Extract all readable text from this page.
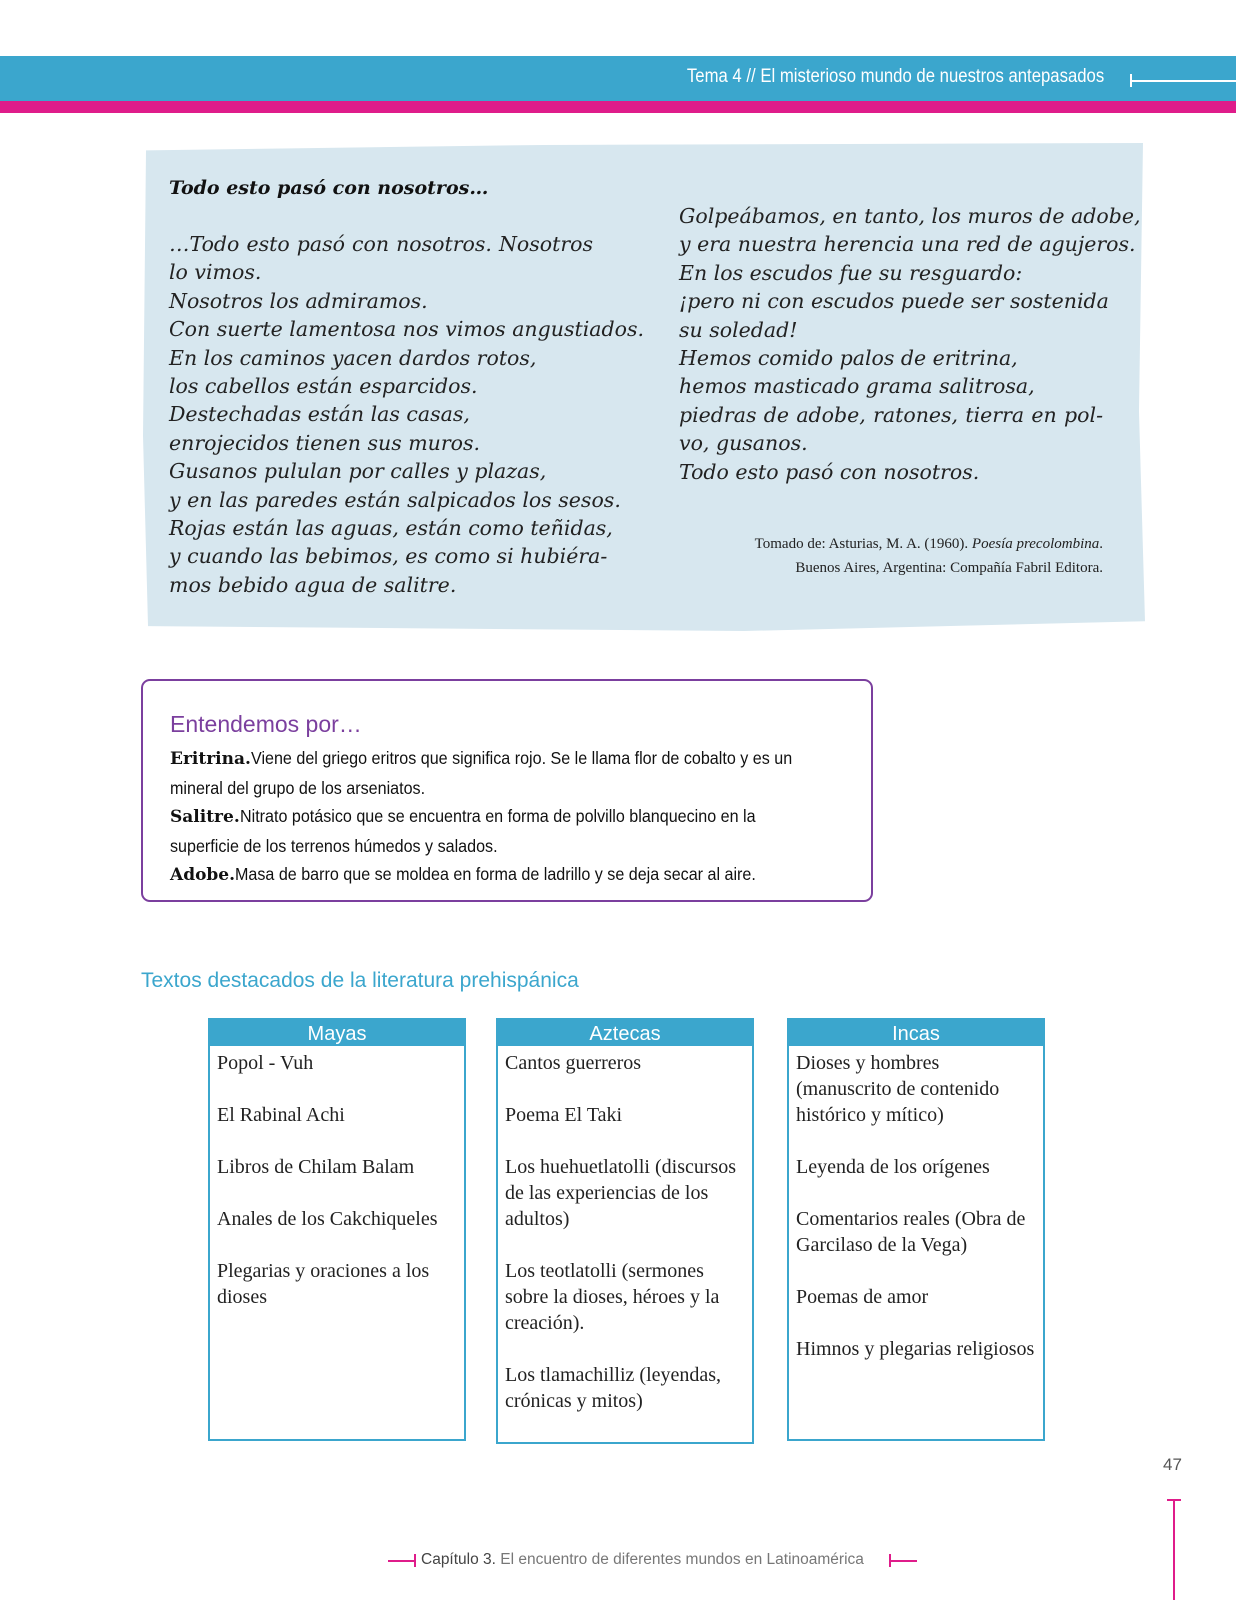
Tema 4 // El misterioso mundo de nuestros antepasados
Todo esto pasó con nosotros…
…Todo esto pasó con nosotros. Nosotros
lo vimos.
Nosotros los admiramos.
Con suerte lamentosa nos vimos angustiados.
En los caminos yacen dardos rotos,
los cabellos están esparcidos.
Destechadas están las casas,
enrojecidos tienen sus muros.
Gusanos pululan por calles y plazas,
y en las paredes están salpicados los sesos.
Rojas están las aguas, están como teñidas,
y cuando las bebimos, es como si hubiéra-
mos bebido agua de salitre.
Golpeábamos, en tanto, los muros de adobe,
y era nuestra herencia una red de agujeros.
En los escudos fue su resguardo:
¡pero ni con escudos puede ser sostenida
su soledad!
Hemos comido palos de eritrina,
hemos masticado grama salitrosa,
piedras de adobe, ratones, tierra en pol-
vo, gusanos.
Todo esto pasó con nosotros.
Tomado de: Asturias, M. A. (1960). Poesía precolombina.
Buenos Aires, Argentina: Compañía Fabril Editora.
Entendemos por…
Eritrina.Viene del griego eritros que significa rojo. Se le llama flor de cobalto y es un
mineral del grupo de los arseniatos.
Salitre.Nitrato potásico que se encuentra en forma de polvillo blanquecino en la
superficie de los terrenos húmedos y salados.
Adobe.Masa de barro que se moldea en forma de ladrillo y se deja secar al aire.
Textos destacados de la literatura prehispánica
Mayas
Popol - Vuh
El Rabinal Achi
Libros de Chilam Balam
Anales de los Cakchiqueles
Plegarias y oraciones a los dioses
Aztecas
Cantos guerreros
Poema El Taki
Los huehuetlatolli (discursos de las experiencias de los adultos)
Los teotlatolli (sermones sobre la dioses, héroes y la creación).
Los tlamachilliz (leyendas, crónicas y mitos)
Incas
Dioses y hombres (manuscrito de contenido histórico y mítico)
Leyenda de los orígenes
Comentarios reales (Obra de Garcilaso de la Vega)
Poemas de amor
Himnos y plegarias religiosos
47
Capítulo 3. El encuentro de diferentes mundos en Latinoamérica
